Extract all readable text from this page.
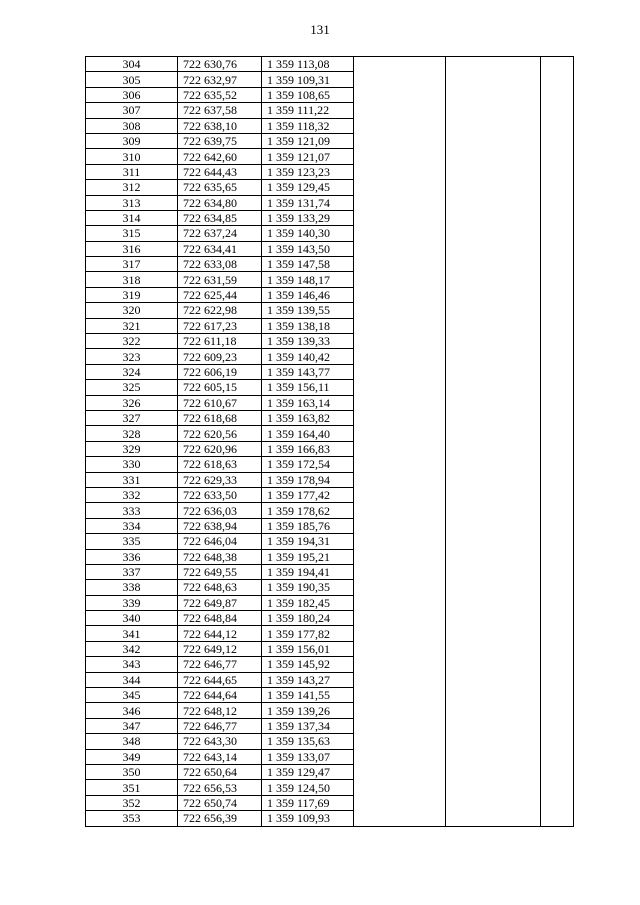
131
304	722 630,76	1 359 113,08			
305	722 632,97	1 359 109,31			
306	722 635,52	1 359 108,65			
307	722 637,58	1 359 111,22			
308	722 638,10	1 359 118,32			
309	722 639,75	1 359 121,09			
310	722 642,60	1 359 121,07			
311	722 644,43	1 359 123,23			
312	722 635,65	1 359 129,45			
313	722 634,80	1 359 131,74			
314	722 634,85	1 359 133,29			
315	722 637,24	1 359 140,30			
316	722 634,41	1 359 143,50			
317	722 633,08	1 359 147,58			
318	722 631,59	1 359 148,17			
319	722 625,44	1 359 146,46			
320	722 622,98	1 359 139,55			
321	722 617,23	1 359 138,18			
322	722 611,18	1 359 139,33			
323	722 609,23	1 359 140,42			
324	722 606,19	1 359 143,77			
325	722 605,15	1 359 156,11			
326	722 610,67	1 359 163,14			
327	722 618,68	1 359 163,82			
328	722 620,56	1 359 164,40			
329	722 620,96	1 359 166,83			
330	722 618,63	1 359 172,54			
331	722 629,33	1 359 178,94			
332	722 633,50	1 359 177,42			
333	722 636,03	1 359 178,62			
334	722 638,94	1 359 185,76			
335	722 646,04	1 359 194,31			
336	722 648,38	1 359 195,21			
337	722 649,55	1 359 194,41			
338	722 648,63	1 359 190,35			
339	722 649,87	1 359 182,45			
340	722 648,84	1 359 180,24			
341	722 644,12	1 359 177,82			
342	722 649,12	1 359 156,01			
343	722 646,77	1 359 145,92			
344	722 644,65	1 359 143,27			
345	722 644,64	1 359 141,55			
346	722 648,12	1 359 139,26			
347	722 646,77	1 359 137,34			
348	722 643,30	1 359 135,63			
349	722 643,14	1 359 133,07			
350	722 650,64	1 359 129,47			
351	722 656,53	1 359 124,50			
352	722 650,74	1 359 117,69			
353	722 656,39	1 359 109,93			
